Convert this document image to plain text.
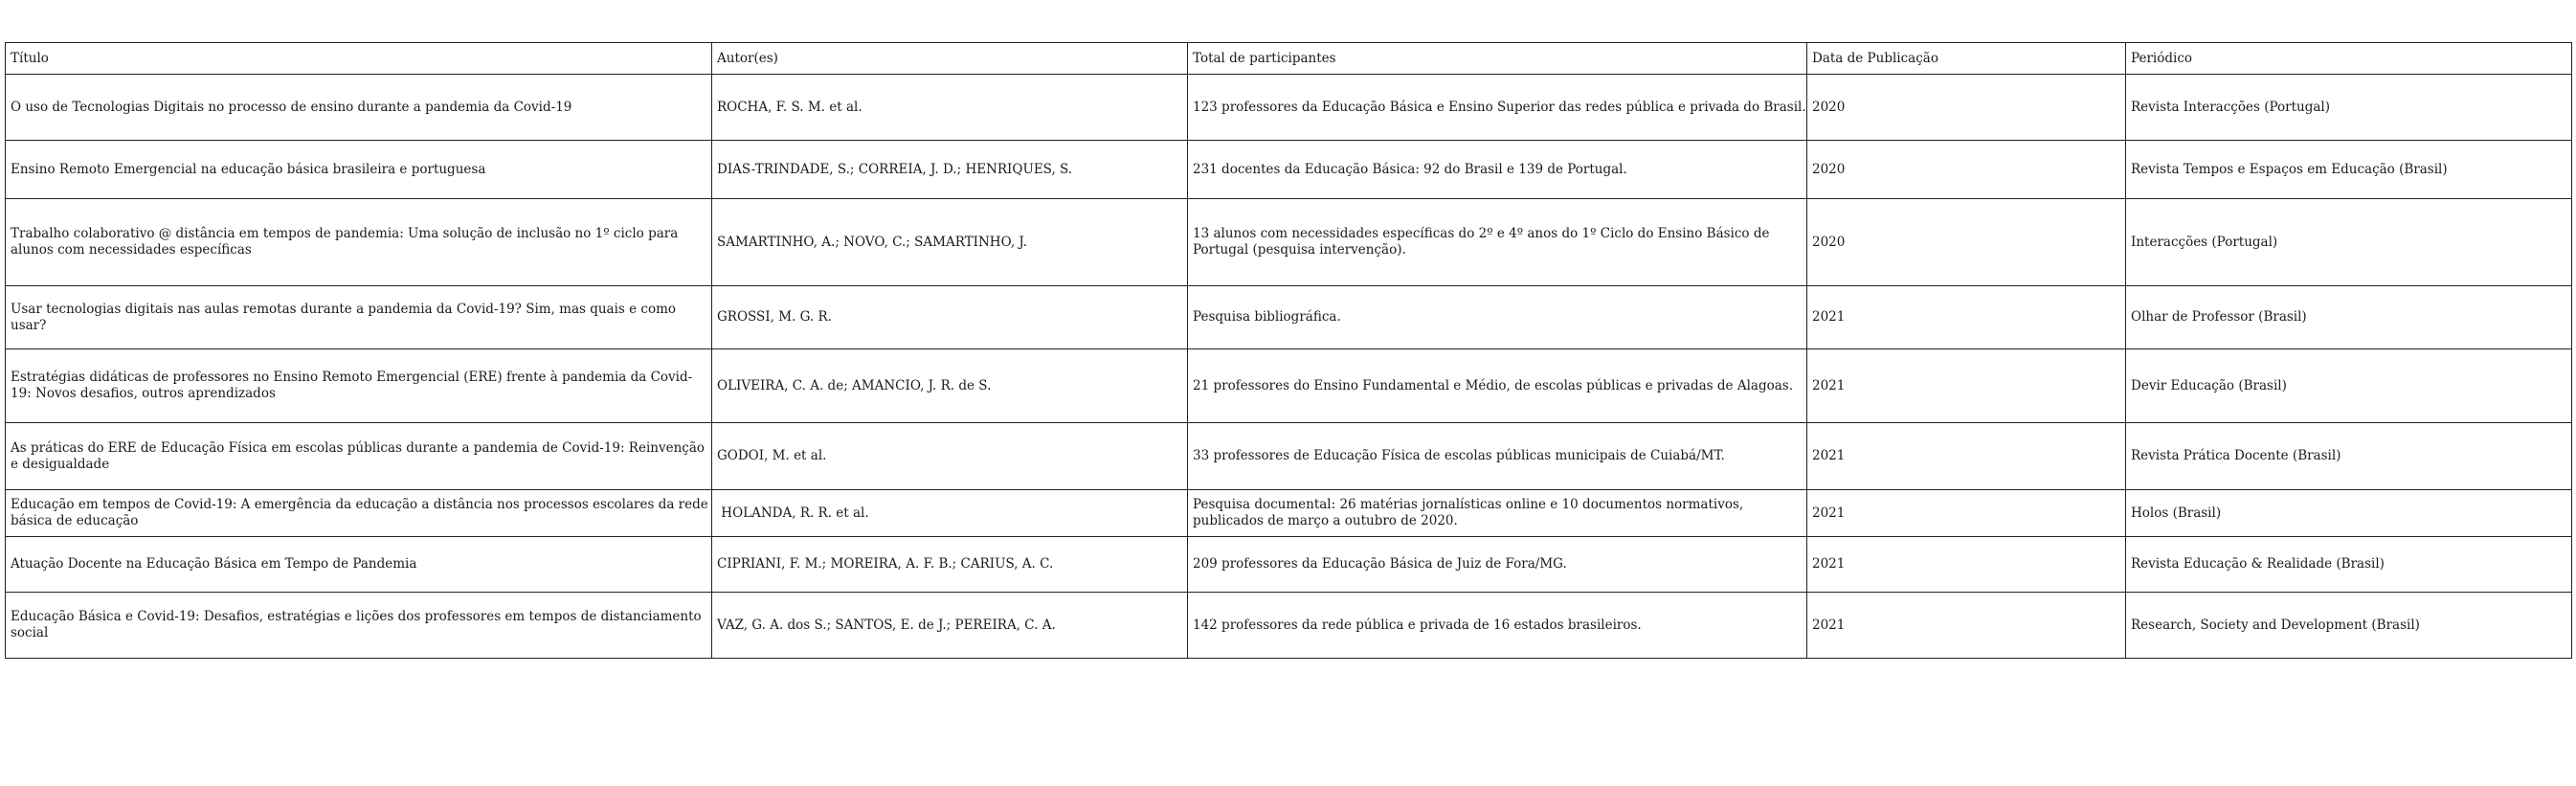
Título	Autor(es)	Total de participantes	Data de Publicação	Periódico
O uso de Tecnologias Digitais no processo de ensino durante a pandemia da Covid-19	ROCHA, F. S. M. et al.	123 professores da Educação Básica e Ensino Superior das redes pública e privada do Brasil.	2020	Revista Interacções (Portugal)
Ensino Remoto Emergencial na educação básica brasileira e portuguesa	DIAS-TRINDADE, S.; CORREIA, J. D.; HENRIQUES, S.	231 docentes da Educação Básica: 92 do Brasil e 139 de Portugal.	2020	Revista Tempos e Espaços em Educação (Brasil)
Trabalho colaborativo @ distância em tempos de pandemia: Uma solução de inclusão no 1º ciclo para alunos com necessidades específicas	SAMARTINHO, A.; NOVO, C.; SAMARTINHO, J.	13 alunos com necessidades específicas do 2º e 4º anos do 1º Ciclo do Ensino Básico de Portugal (pesquisa intervenção).	2020	Interacções (Portugal)
Usar tecnologias digitais nas aulas remotas durante a pandemia da Covid-19? Sim, mas quais e como usar?	GROSSI, M. G. R.	Pesquisa bibliográfica.	2021	Olhar de Professor (Brasil)
Estratégias didáticas de professores no Ensino Remoto Emergencial (ERE) frente à pandemia da Covid-19: Novos desafios, outros aprendizados	OLIVEIRA, C. A. de; AMANCIO, J. R. de S.	21 professores do Ensino Fundamental e Médio, de escolas públicas e privadas de Alagoas.	2021	Devir Educação (Brasil)
As práticas do ERE de Educação Física em escolas públicas durante a pandemia de Covid-19: Reinvenção e desigualdade	GODOI, M. et al.	33 professores de Educação Física de escolas públicas municipais de Cuiabá/MT.	2021	Revista Prática Docente (Brasil)
Educação em tempos de Covid-19: A emergência da educação a distância nos processos escolares da rede básica de educação	HOLANDA, R. R. et al.	Pesquisa documental: 26 matérias jornalísticas online e 10 documentos normativos, publicados de março a outubro de 2020.	2021	Holos (Brasil)
Atuação Docente na Educação Básica em Tempo de Pandemia	CIPRIANI, F. M.; MOREIRA, A. F. B.; CARIUS, A. C.	209 professores da Educação Básica de Juiz de Fora/MG.	2021	Revista Educação & Realidade (Brasil)
Educação Básica e Covid-19: Desafios, estratégias e lições dos professores em tempos de distanciamento social	VAZ, G. A. dos S.; SANTOS, E. de J.; PEREIRA, C. A.	142 professores da rede pública e privada de 16 estados brasileiros.	2021	Research, Society and Development (Brasil)
